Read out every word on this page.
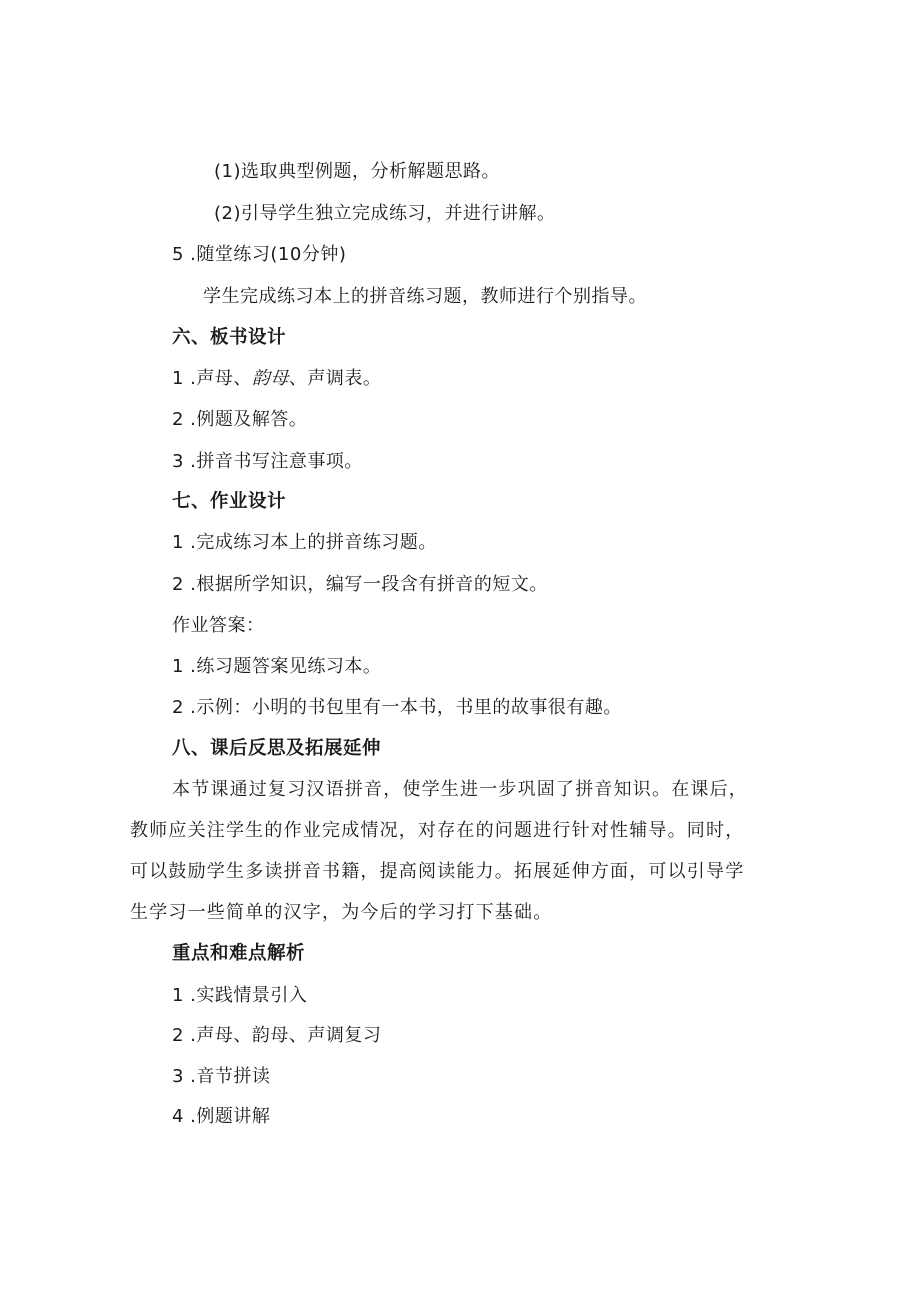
(1)选取典型例题，分析解题思路。
(2)引导学生独立完成练习，并进行讲解。
5 .随堂练习(10分钟)
学生完成练习本上的拼音练习题，教师进行个别指导。
六、板书设计
1 .声母、韵母、声调表。
2 .例题及解答。
3 .拼音书写注意事项。
七、作业设计
1 .完成练习本上的拼音练习题。
2 .根据所学知识，编写一段含有拼音的短文。
作业答案：
1 .练习题答案见练习本。
2 .示例：小明的书包里有一本书，书里的故事很有趣。
八、课后反思及拓展延伸
本节课通过复习汉语拼音，使学生进一步巩固了拼音知识。在课后，
教师应关注学生的作业完成情况，对存在的问题进行针对性辅导。同时，
可以鼓励学生多读拼音书籍，提高阅读能力。拓展延伸方面，可以引导学
生学习一些简单的汉字，为今后的学习打下基础。
重点和难点解析
1 .实践情景引入
2 .声母、韵母、声调复习
3 .音节拼读
4 .例题讲解
